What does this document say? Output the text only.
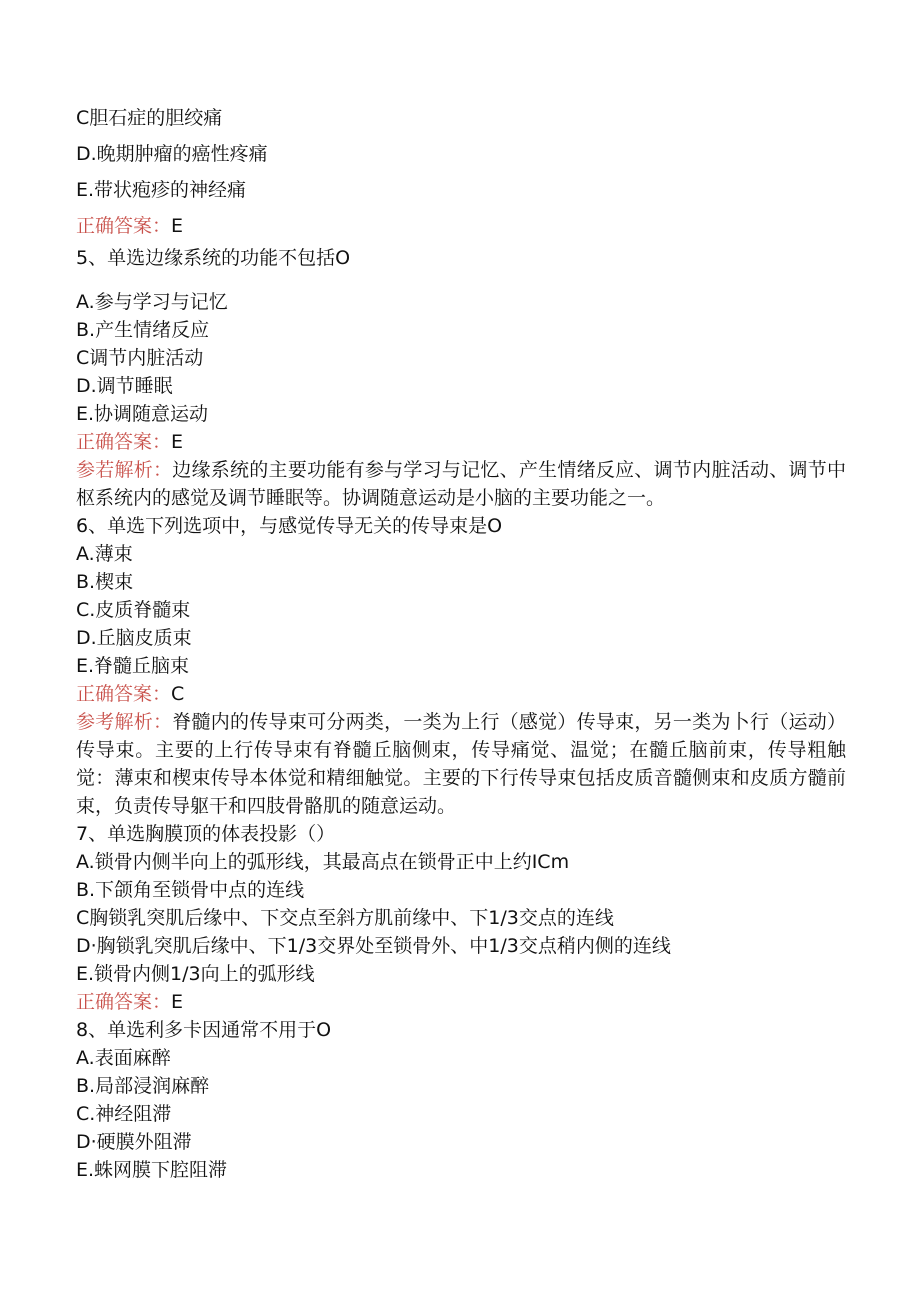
C胆石症的胆绞痛
D.晚期肿瘤的癌性疼痛
E.带状疱疹的神经痛
正确答案：E
5、单选边缘系统的功能不包括O
A.参与学习与记忆
B.产生情绪反应
C调节内脏活动
D.调节睡眠
E.协调随意运动
正确答案：E
参若解析：边缘系统的主要功能有参与学习与记忆、产生情绪反应、调节内脏活动、调节中枢系统内的感觉及调节睡眠等。协调随意运动是小脑的主要功能之一。
6、单选下列选项中，与感觉传导无关的传导束是O
A.薄束
B.楔束
C.皮质脊髓束
D.丘脑皮质束
E.脊髓丘脑束
正确答案：C
参考解析：脊髓内的传导束可分两类，一类为上行（感觉）传导束，另一类为卜行（运动）传导束。主要的上行传导束有脊髓丘脑侧束，传导痛觉、温觉；在髓丘脑前束，传导粗触觉：薄束和楔束传导本体觉和精细触觉。主要的下行传导束包括皮质音髓侧束和皮质方髓前束，负责传导躯干和四肢骨骼肌的随意运动。
7、单选胸膜顶的体表投影（）
A.锁骨内侧半向上的弧形线，其最高点在锁骨正中上约ICm
B.下颌角至锁骨中点的连线
C胸锁乳突肌后缘中、下交点至斜方肌前缘中、下1/3交点的连线
D·胸锁乳突肌后缘中、下1/3交界处至锁骨外、中1/3交点稍内侧的连线
E.锁骨内侧1/3向上的弧形线
正确答案：E
8、单选利多卡因通常不用于O
A.表面麻醉
B.局部浸润麻醉
C.神经阻滞
D·硬膜外阻滞
E.蛛网膜下腔阻滞
